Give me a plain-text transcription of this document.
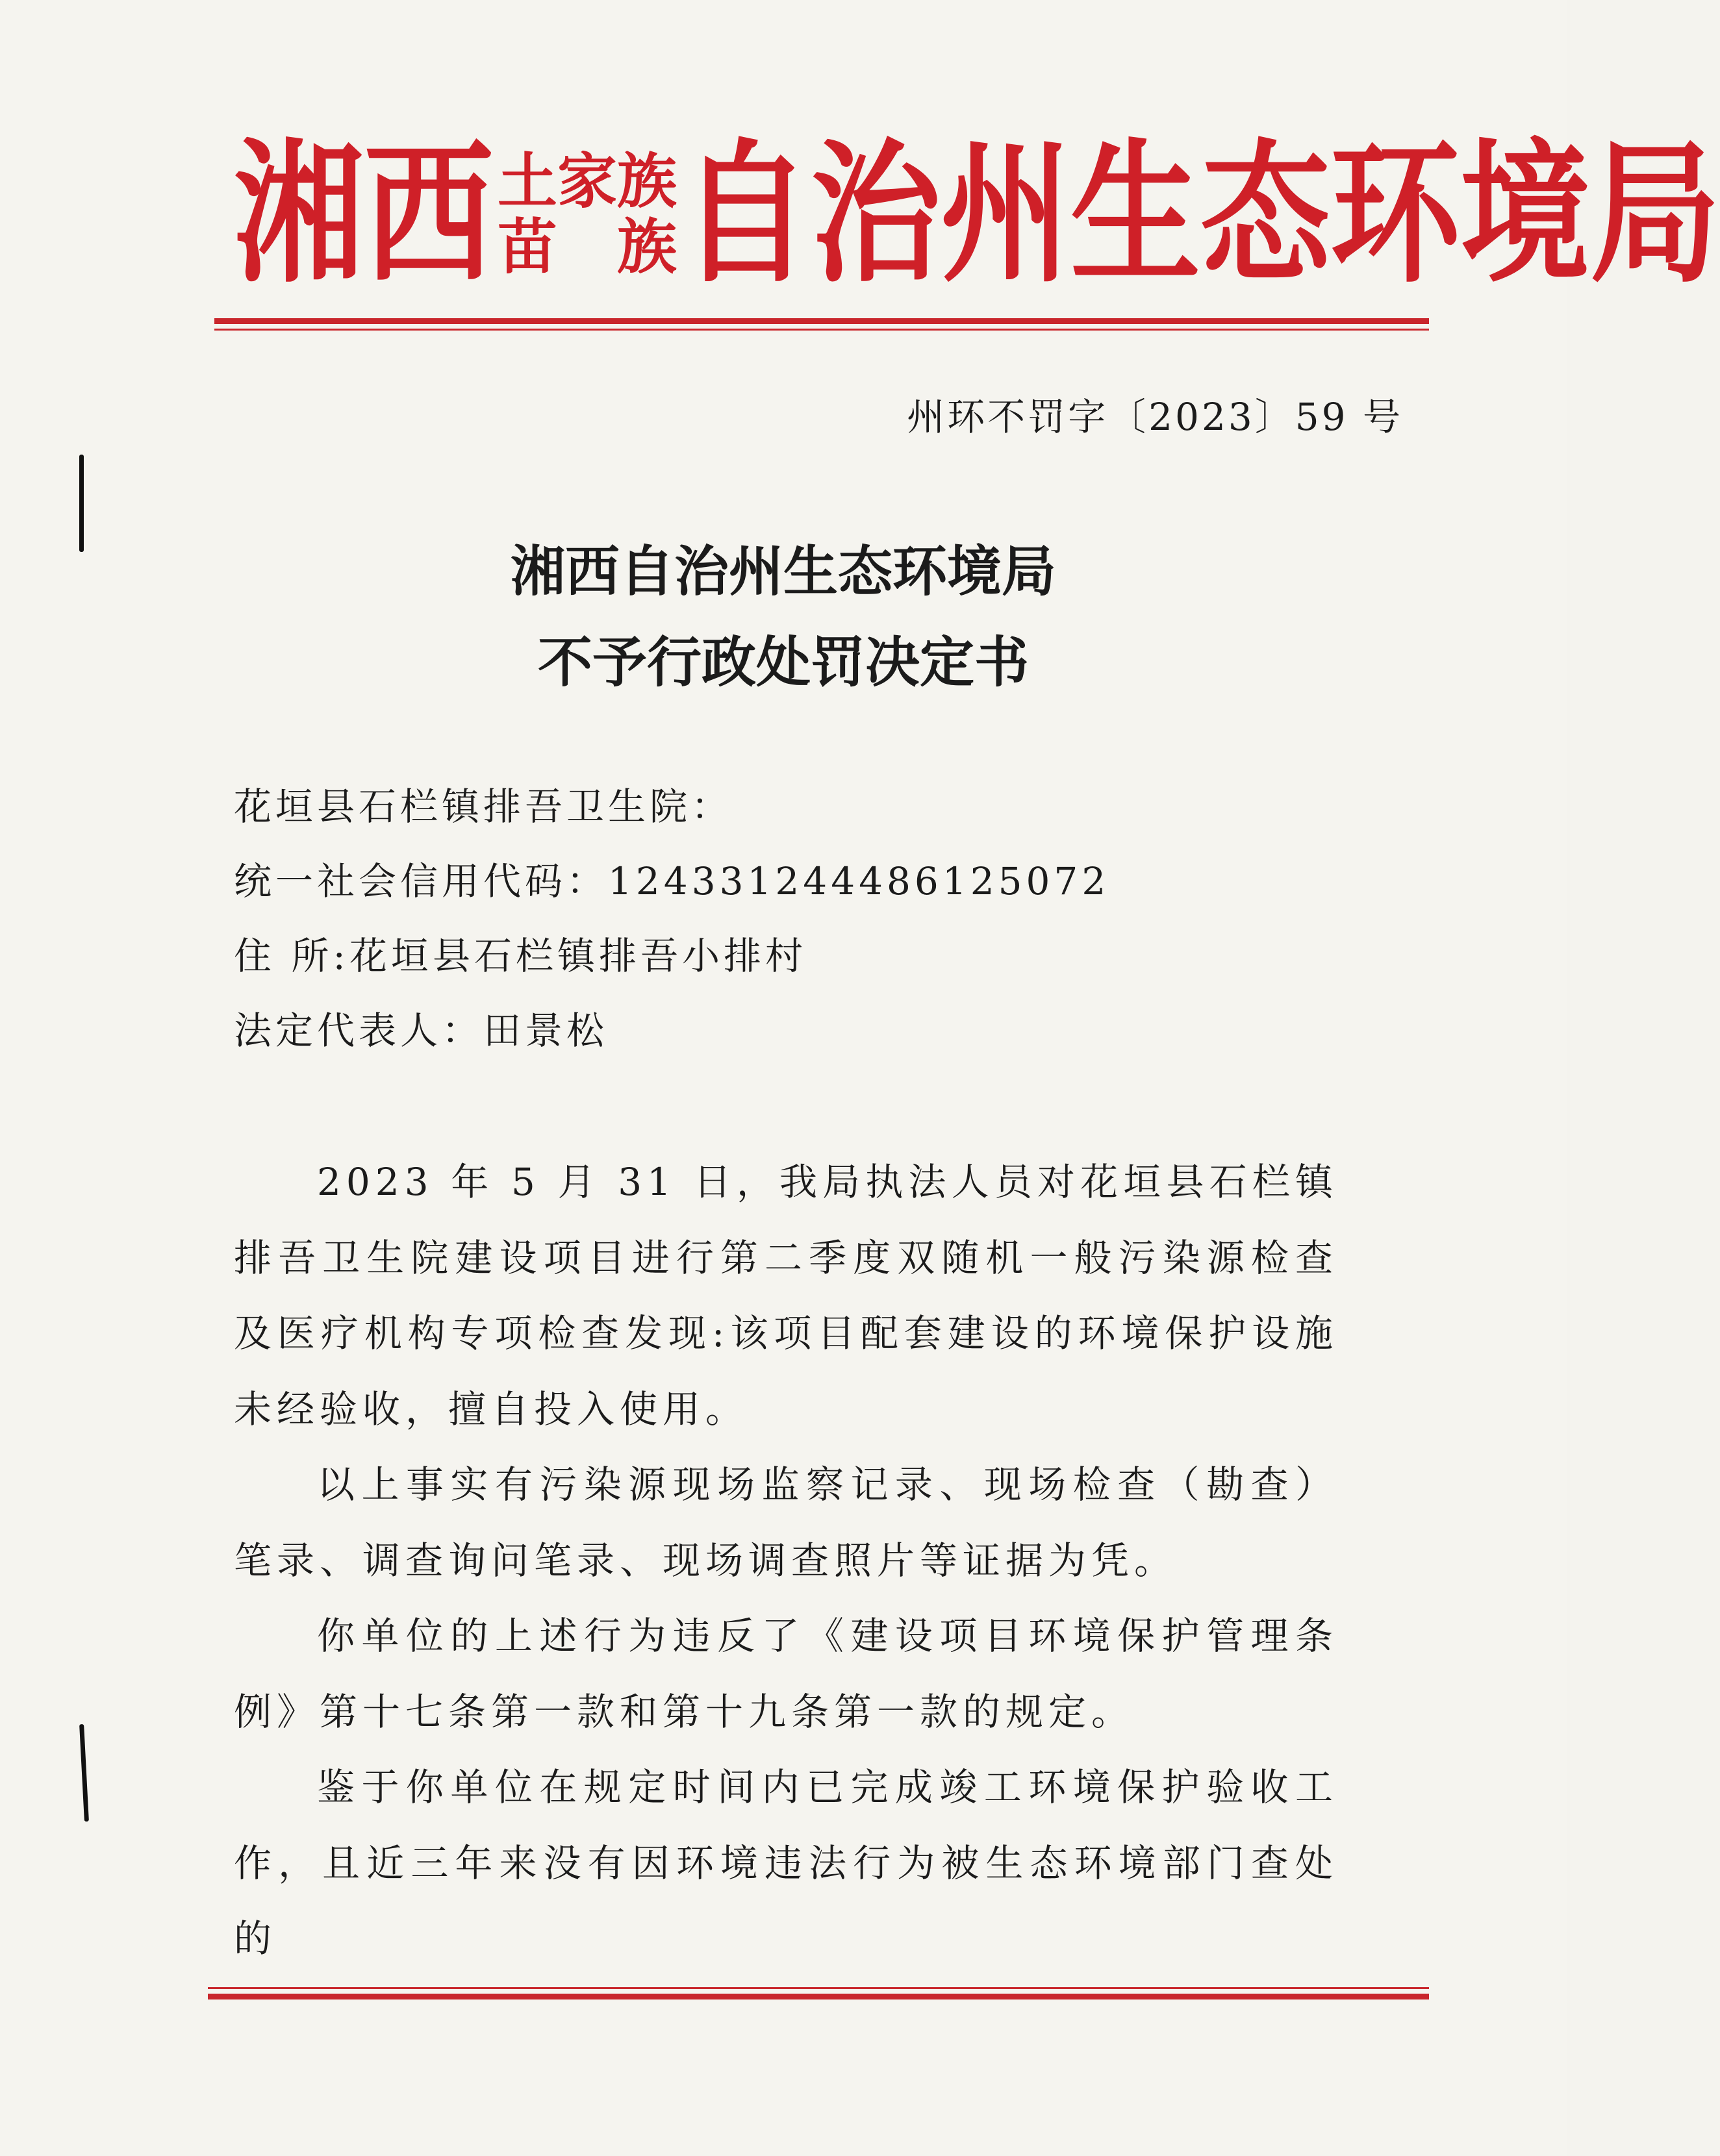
湘西 土家族
苗　族 自治州生态环境局
州环不罚字〔2023〕59 号
湘西自治州生态环境局
不予行政处罚决定书
花垣县石栏镇排吾卫生院：
统一社会信用代码：124331244486125072
住 所:花垣县石栏镇排吾小排村
法定代表人：田景松

2023 年 5 月 31 日，我局执法人员对花垣县石栏镇排吾卫生院建设项目进行第二季度双随机一般污染源检查及医疗机构专项检查发现:该项目配套建设的环境保护设施未经验收，擅自投入使用。

以上事实有污染源现场监察记录、现场检查（勘查）笔录、调查询问笔录、现场调查照片等证据为凭。

你单位的上述行为违反了《建设项目环境保护管理条例》第十七条第一款和第十九条第一款的规定。

鉴于你单位在规定时间内已完成竣工环境保护验收工作，且近三年来没有因环境违法行为被生态环境部门查处的
